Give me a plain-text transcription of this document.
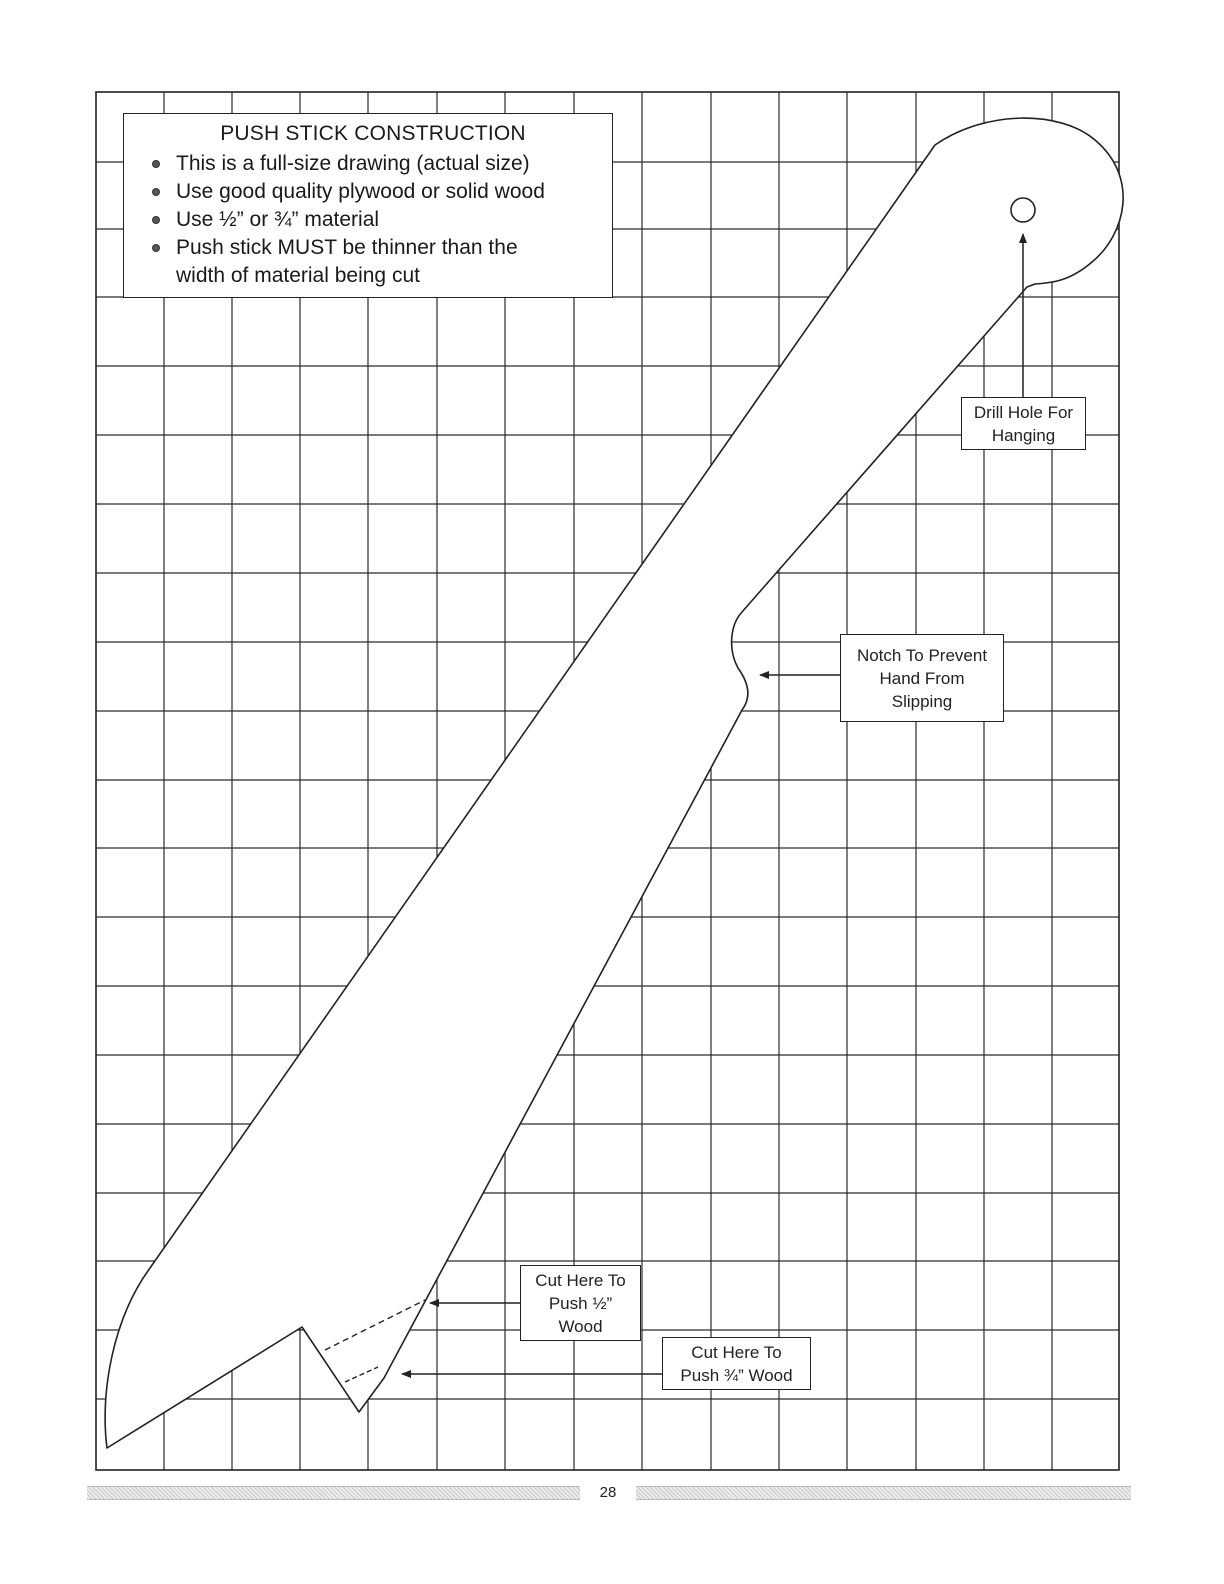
PUSH STICK CONSTRUCTION
This is a full-size drawing (actual size)
Use good quality plywood or solid wood
Use ½” or ¾” material
Push stick MUST be thinner than the
width of material being cut
Drill Hole For
Hanging
Notch To Prevent
Hand From
Slipping
Cut Here To
Push ½”
Wood
Cut Here To
Push ¾” Wood
28
